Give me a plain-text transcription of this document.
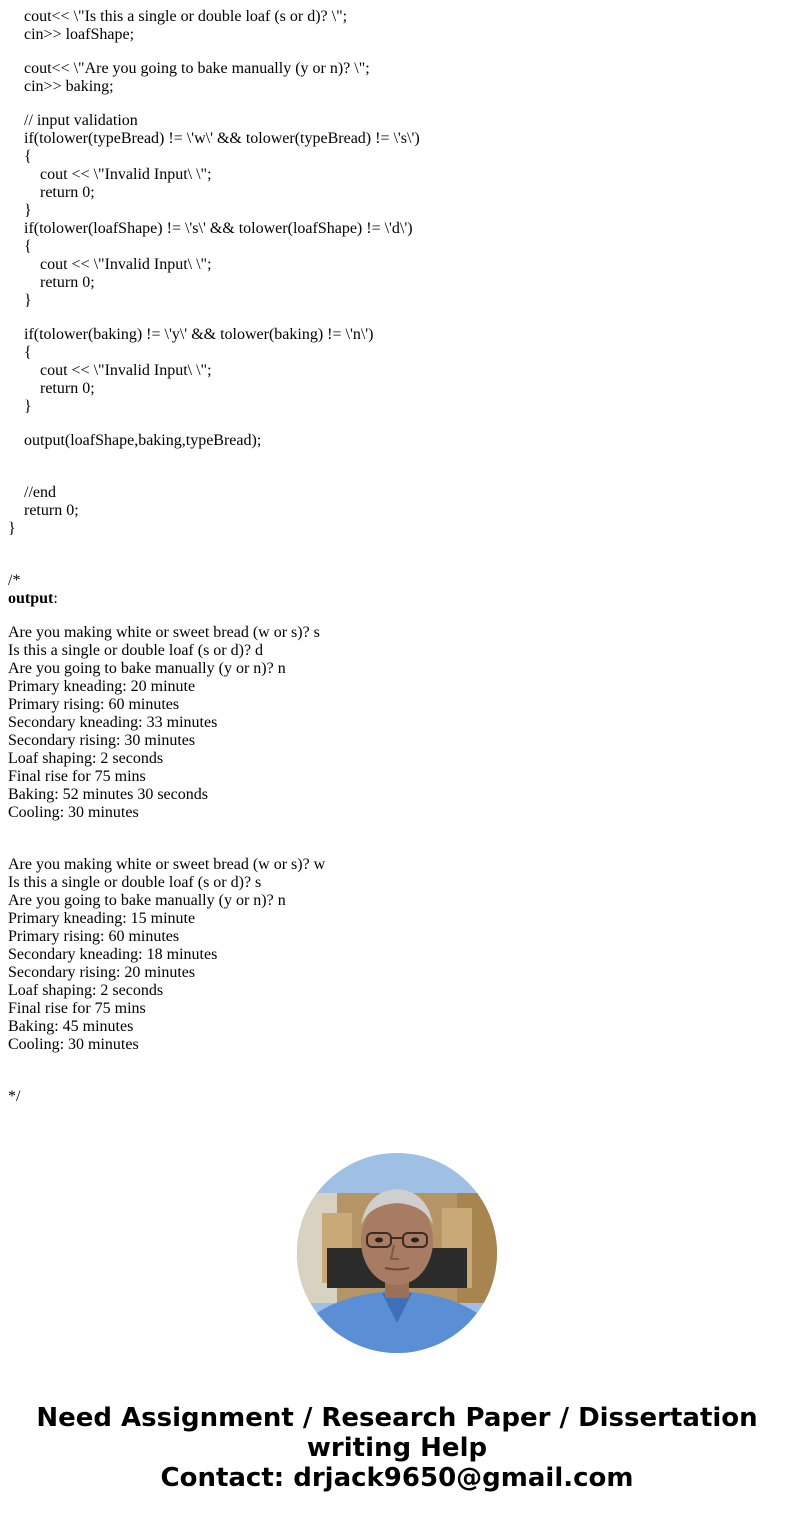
cout<< \"Is this a single or double loaf (s or d)? \";
cin>> loafShape;
cout<< \"Are you going to bake manually (y or n)? \";
cin>> baking;
// input validation
if(tolower(typeBread) != \'w\' && tolower(typeBread) != \'s\')
{
cout << \"Invalid Input\ \";
return 0;
}
if(tolower(loafShape) != \'s\' && tolower(loafShape) != \'d\')
{
cout << \"Invalid Input\ \";
return 0;
}
if(tolower(baking) != \'y\' && tolower(baking) != \'n\')
{
cout << \"Invalid Input\ \";
return 0;
}
output(loafShape,baking,typeBread);
//end
return 0;
}
/*
output:
Are you making white or sweet bread (w or s)? s
Is this a single or double loaf (s or d)? d
Are you going to bake manually (y or n)? n
Primary kneading: 20 minute
Primary rising: 60 minutes
Secondary kneading: 33 minutes
Secondary rising: 30 minutes
Loaf shaping: 2 seconds
Final rise for 75 mins
Baking: 52 minutes 30 seconds
Cooling: 30 minutes
Are you making white or sweet bread (w or s)? w
Is this a single or double loaf (s or d)? s
Are you going to bake manually (y or n)? n
Primary kneading: 15 minute
Primary rising: 60 minutes
Secondary kneading: 18 minutes
Secondary rising: 20 minutes
Loaf shaping: 2 seconds
Final rise for 75 mins
Baking: 45 minutes
Cooling: 30 minutes
*/
Need Assignment / Research Paper / Dissertation
writing Help
Contact: drjack9650@gmail.com
